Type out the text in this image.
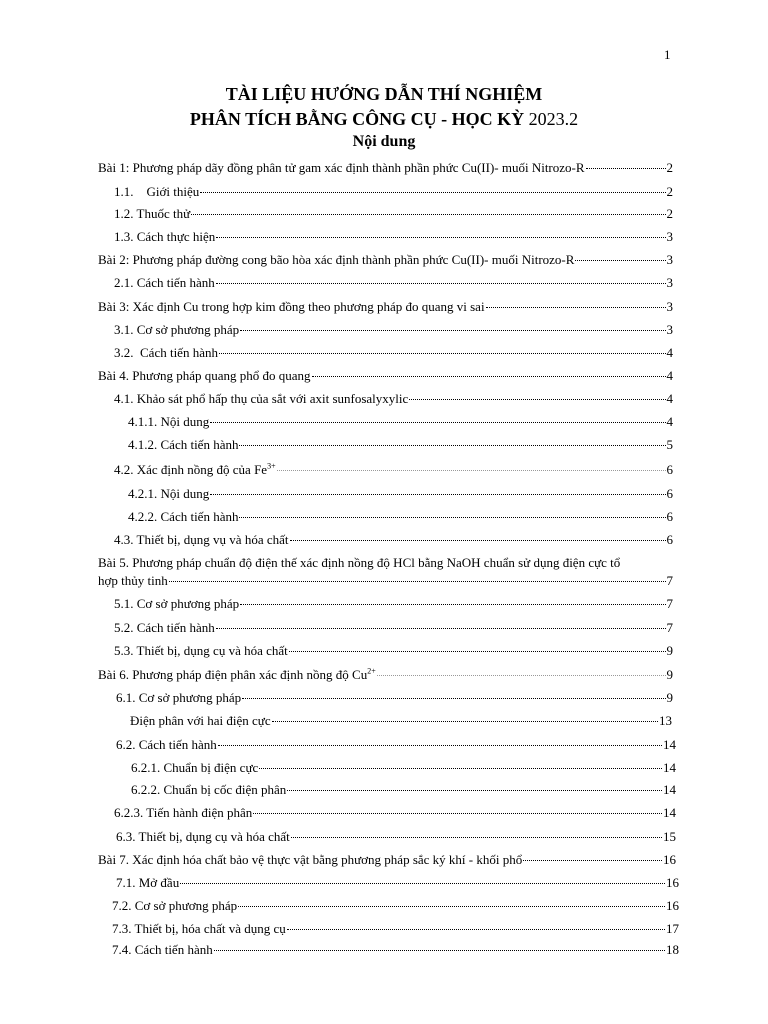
1
TÀI LIỆU HƯỚNG DẪN THÍ NGHIỆM
PHÂN TÍCH BẰNG CÔNG CỤ - HỌC KỲ 2023.2
Nội dung
Bài 1: Phương pháp dãy đồng phân tử gam xác định thành phần phức Cu(II)- muối Nitrozo-R	2
1.1.    Giới thiệu	2
1.2. Thuốc thử	2
1.3. Cách thực hiện	3
Bài 2: Phương pháp đường cong bão hòa xác định thành phần phức Cu(II)- muối Nitrozo-R	3
2.1. Cách tiến hành	3
Bài 3: Xác định Cu trong hợp kim đồng theo phương pháp đo quang vi sai	3
3.1. Cơ sở phương pháp	3
3.2.  Cách tiến hành	4
Bài 4. Phương pháp quang phổ đo quang	4
4.1. Khảo sát phổ hấp thụ của sắt với axit sunfosalyxylic	4
4.1.1. Nội dung	4
4.1.2. Cách tiến hành	5
4.2. Xác định nồng độ của $Fe^{3+}$	6
4.2.1. Nội dung	6
4.2.2. Cách tiến hành	6
4.3. Thiết bị, dụng vụ và hóa chất	6
Bài 5. Phương pháp chuẩn độ điện thế xác định nồng độ HCl bằng NaOH chuẩn sử dụng điện cực tổ
hợp thủy tinh	7
5.1. Cơ sở phương pháp	7
5.2. Cách tiến hành	7
5.3. Thiết bị, dụng cụ và hóa chất	9
Bài 6. Phương pháp điện phân xác định nồng độ $Cu^{2+}$	9
6.1. Cơ sở phương pháp	9
Điện phân với hai điện cực	13
6.2. Cách tiến hành	14
6.2.1. Chuẩn bị điện cực	14
6.2.2. Chuẩn bị cốc điện phân	14
6.2.3. Tiến hành điện phân	14
6.3. Thiết bị, dụng cụ và hóa chất	15
Bài 7. Xác định hóa chất bảo vệ thực vật bằng phương pháp sắc ký khí - khối phổ	16
7.1. Mở đầu	16
7.2. Cơ sở phương pháp	16
7.3. Thiết bị, hóa chất và dụng cụ	17
7.4. Cách tiến hành	18
